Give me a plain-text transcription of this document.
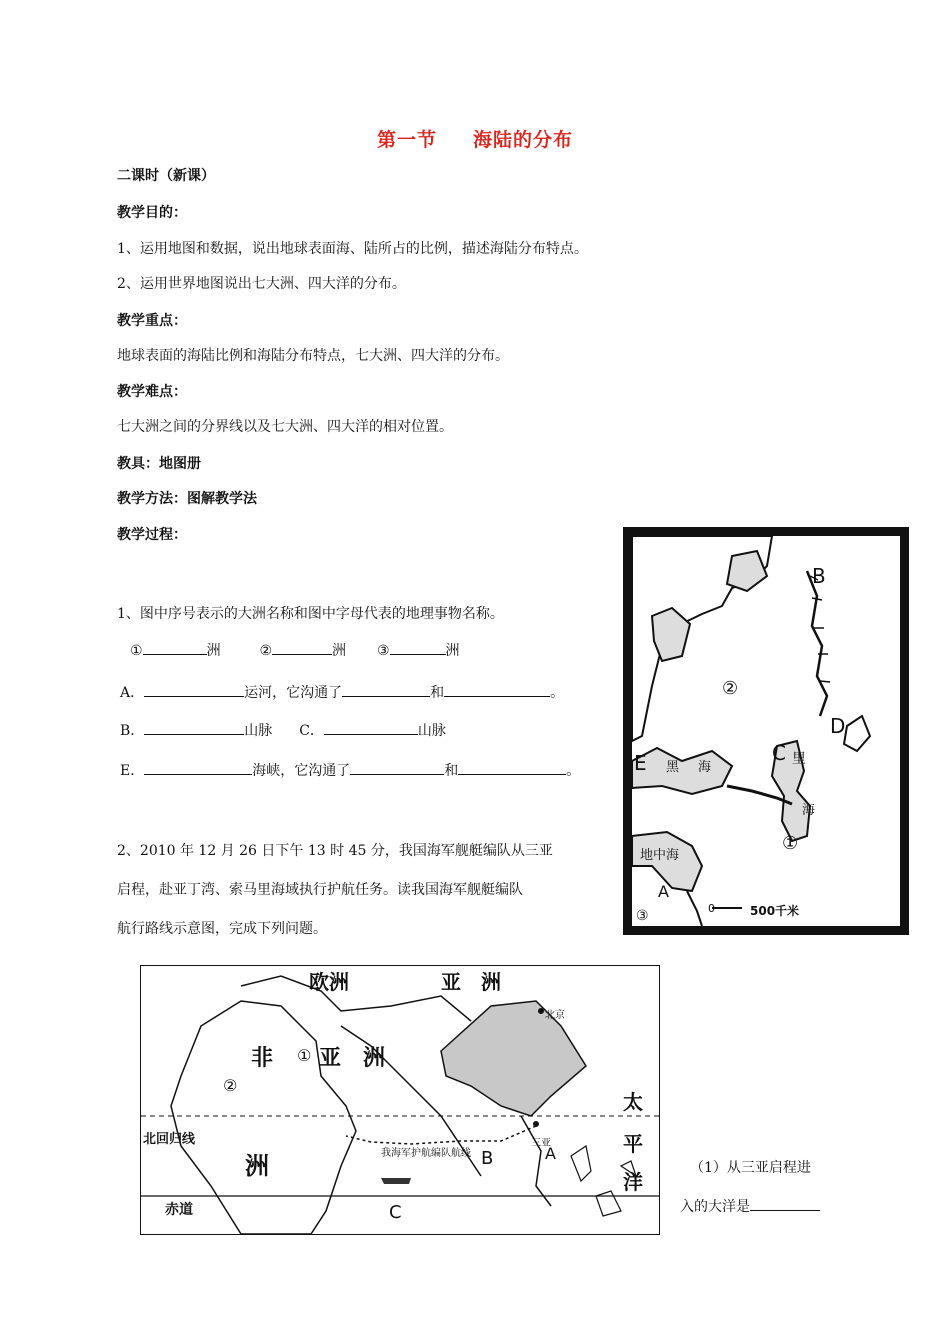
第一节 海陆的分布
二课时（新课）
教学目的：
1、运用地图和数据，说出地球表面海、陆所占的比例，描述海陆分布特点。
2、运用世界地图说出七大洲、四大洋的分布。
教学重点：
地球表面的海陆比例和海陆分布特点，七大洲、四大洋的分布。
教学难点：
七大洲之间的分界线以及七大洲、四大洋的相对位置。
教具：地图册
教学方法：图解教学法
教学过程：
1、图中序号表示的大洲名称和图中字母代表的地理事物名称。
①	洲	②	洲 ③	洲
A．	运河，它沟通了	和	。
B．	山脉 C．	山脉
E．	海峡，它沟通了	和	。
2、2010 年 12 月 26 日下午 13 时 45 分，我国海军舰艇编队从三亚
启程，赴亚丁湾、索马里海域执行护航任务。读我国海军舰艇编队
航行路线示意图，完成下列问题。
B
②
D
C 里
E 黑 海
海
①
地中海
A
③	0	500千米
欧洲	亚　洲
非 ① 亚　洲
②
北京
太
北回归线	三亚	平
我海军护航编队航线	A
B
洲
洋
赤道	C
（1）从三亚启程进
入的大洋是
